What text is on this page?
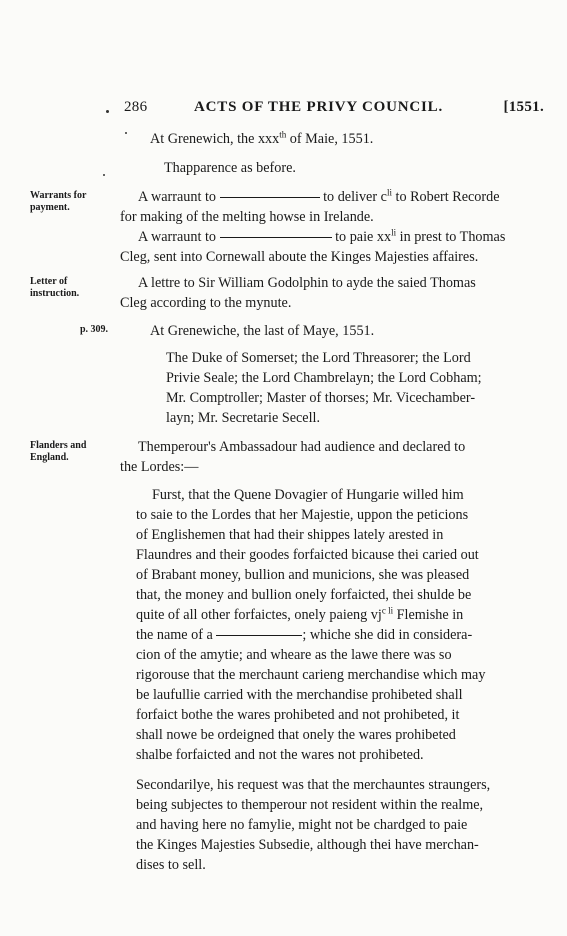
286	ACTS OF THE PRIVY COUNCIL.	[1551.
At Grenewich, the xxx$^{th}$ of Maie, 1551.
Thapparence as before.
Warrants for payment.
Letter of instruction.
p. 309.
Flanders and England.
A warraunt to	to deliver $c^{li}$ to Robert Recorde
for making of the melting howse in Irelande.
A warraunt to	to paie $xx^{li}$ in prest to Thomas
Cleg, sent into Cornewall aboute the Kinges Majesties affaires.
A lettre to Sir William Godolphin to ayde the saied Thomas
Cleg according to the mynute.
At Grenewiche, the last of Maye, 1551.
The Duke of Somerset; the Lord Threasorer; the Lord
Privie Seale; the Lord Chambrelayn; the Lord Cobham;
Mr. Comptroller; Master of thorses; Mr. Vicechamber-
layn; Mr. Secretarie Secell.
Themperour's Ambassadour had audience and declared to
the Lordes:—
Furst, that the Quene Dovagier of Hungarie willed him
to saie to the Lordes that her Majestie, uppon the peticions
of Englishemen that had their shippes lately arested in
Flaundres and their goodes forfaicted bicause thei caried out
of Brabant money, bullion and municions, she was pleased
that, the money and bullion onely forfaicted, thei shulde be
quite of all other forfaictes, onely paieng $vj^{c li}$ Flemishe in
the name of a	; whiche she did in considera-
cion of the amytie; and wheare as the lawe there was so
rigorouse that the merchaunt carieng merchandise which may
be laufullie carried with the merchandise prohibeted shall
forfaict bothe the wares prohibeted and not prohibeted, it
shall nowe be ordeigned that onely the wares prohibeted
shalbe forfaicted and not the wares not prohibeted.
Secondarilye, his request was that the merchauntes straungers,
being subjectes to themperour not resident within the realme,
and having here no famylie, might not be chardged to paie
the Kinges Majesties Subsedie, although thei have merchan-
dises to sell.
